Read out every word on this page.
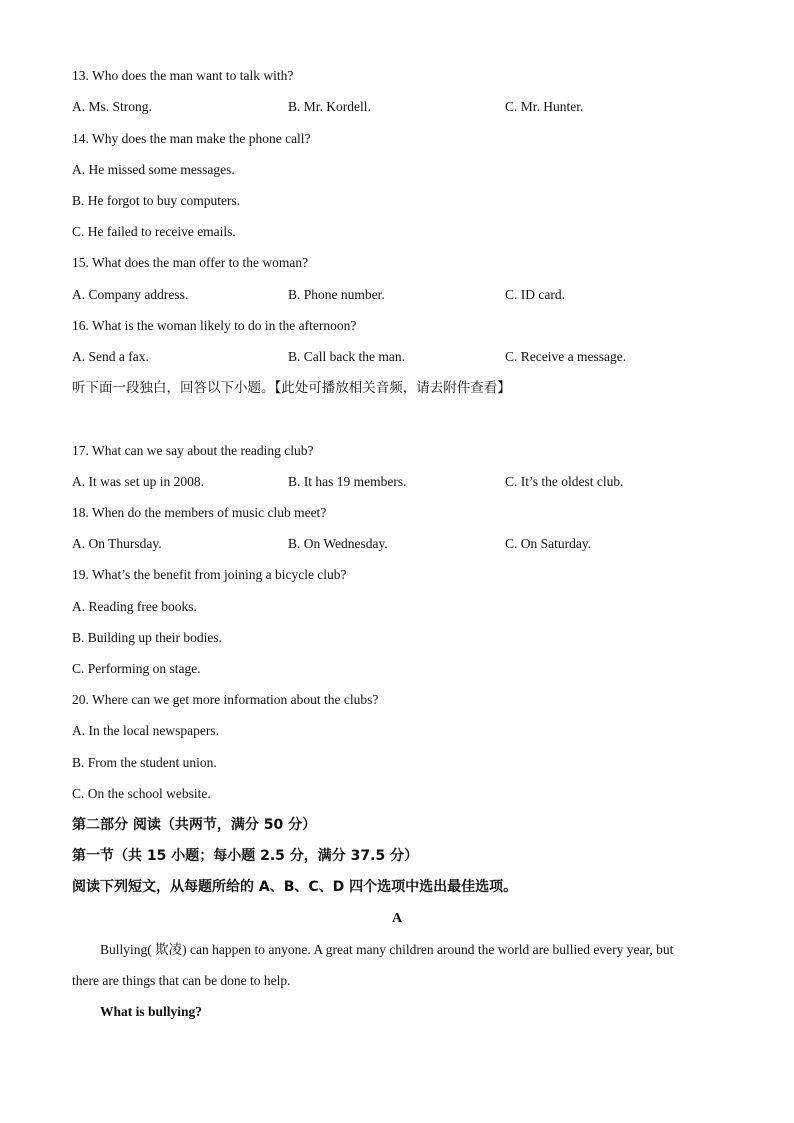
13. Who does the man want to talk with?
A. Ms. Strong.	B. Mr. Kordell.	C. Mr. Hunter.
14. Why does the man make the phone call?
A. He missed some messages.
B. He forgot to buy computers.
C. He failed to receive emails.
15. What does the man offer to the woman?
A. Company address.	B. Phone number.	C. ID card.
16. What is the woman likely to do in the afternoon?
A. Send a fax.	B. Call back the man.	C. Receive a message.
听下面一段独白，回答以下小题。【此处可播放相关音频，请去附件查看】
17. What can we say about the reading club?
A. It was set up in 2008.	B. It has 19 members.	C. It’s the oldest club.
18. When do the members of music club meet?
A. On Thursday.	B. On Wednesday.	C. On Saturday.
19. What’s the benefit from joining a bicycle club?
A. Reading free books.
B. Building up their bodies.
C. Performing on stage.
20. Where can we get more information about the clubs?
A. In the local newspapers.
B. From the student union.
C. On the school website.
第二部分 阅读（共两节，满分 50 分）
第一节（共 15 小题；每小题 2.5 分，满分 37.5 分）
阅读下列短文，从每题所给的 A、B、C、D 四个选项中选出最佳选项。
A
Bullying( 欺凌) can happen to anyone. A great many children around the world are bullied every year, but there are things that can be done to help.
What is bullying?
